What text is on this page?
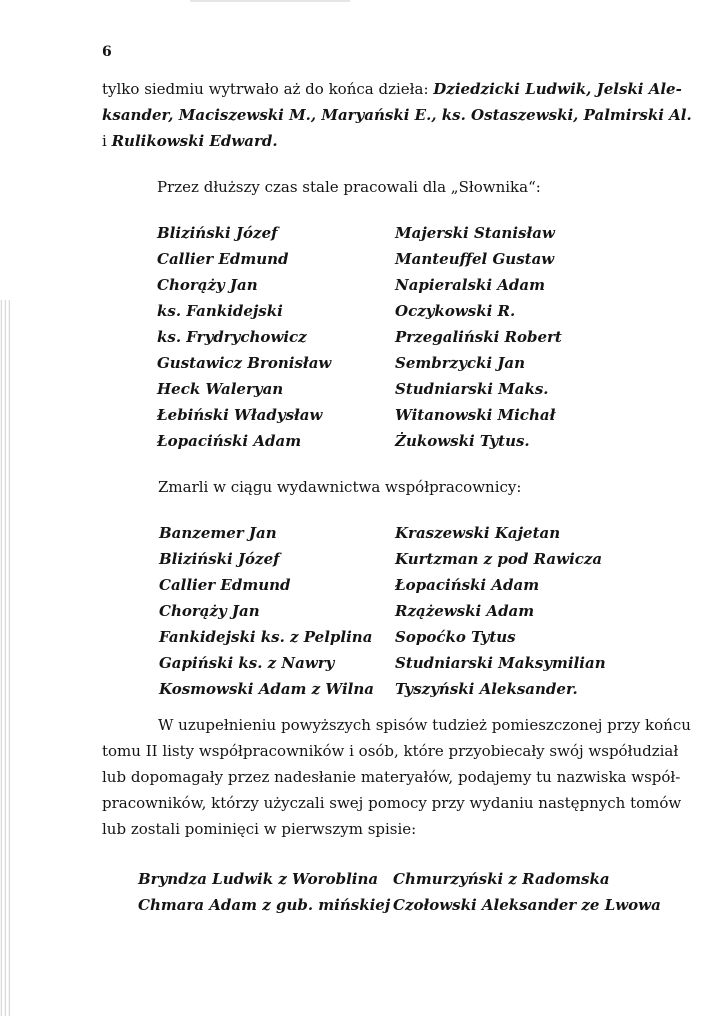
6
tylko siedmiu wytrwało aż do końca dzieła: Dziedzicki Ludwik, Jelski Ale-
ksander, Maciszewski M., Maryański E., ks. Ostaszewski, Palmirski Al.
i Rulikowski Edward.
Przez dłuższy czas stale pracowali dla „Słownika“:
Bliziński Józef
Callier Edmund
Chorąży Jan
ks. Fankidejski
ks. Frydrychowicz
Gustawicz Bronisław
Heck Waleryan
Łebiński Władysław
Łopaciński Adam
Majerski Stanisław
Manteuffel Gustaw
Napieralski Adam
Oczykowski R.
Przegaliński Robert
Sembrzycki Jan
Studniarski Maks.
Witanowski Michał
Żukowski Tytus.
Zmarli w ciągu wydawnictwa współpracownicy:
Banzemer Jan
Bliziński Józef
Callier Edmund
Chorąży Jan
Fankidejski ks. z Pelplina
Gapiński ks. z Nawry
Kosmowski Adam z Wilna
Kraszewski Kajetan
Kurtzman z pod Rawicza
Łopaciński Adam
Rzążewski Adam
Sopoćko Tytus
Studniarski Maksymilian
Tyszyński Aleksander.
W uzupełnieniu powyższych spisów tudzież pomieszczonej przy końcu
tomu II listy współpracowników i osób, które przyobiecały swój współudział
lub dopomagały przez nadesłanie materyałów, podajemy tu nazwiska współ-
pracowników, którzy użyczali swej pomocy przy wydaniu następnych tomów
lub zostali pominięci w pierwszym spisie:
Bryndza Ludwik z Woroblina
Chmara Adam z gub. mińskiej
Chmurzyński z Radomska
Czołowski Aleksander ze Lwowa
